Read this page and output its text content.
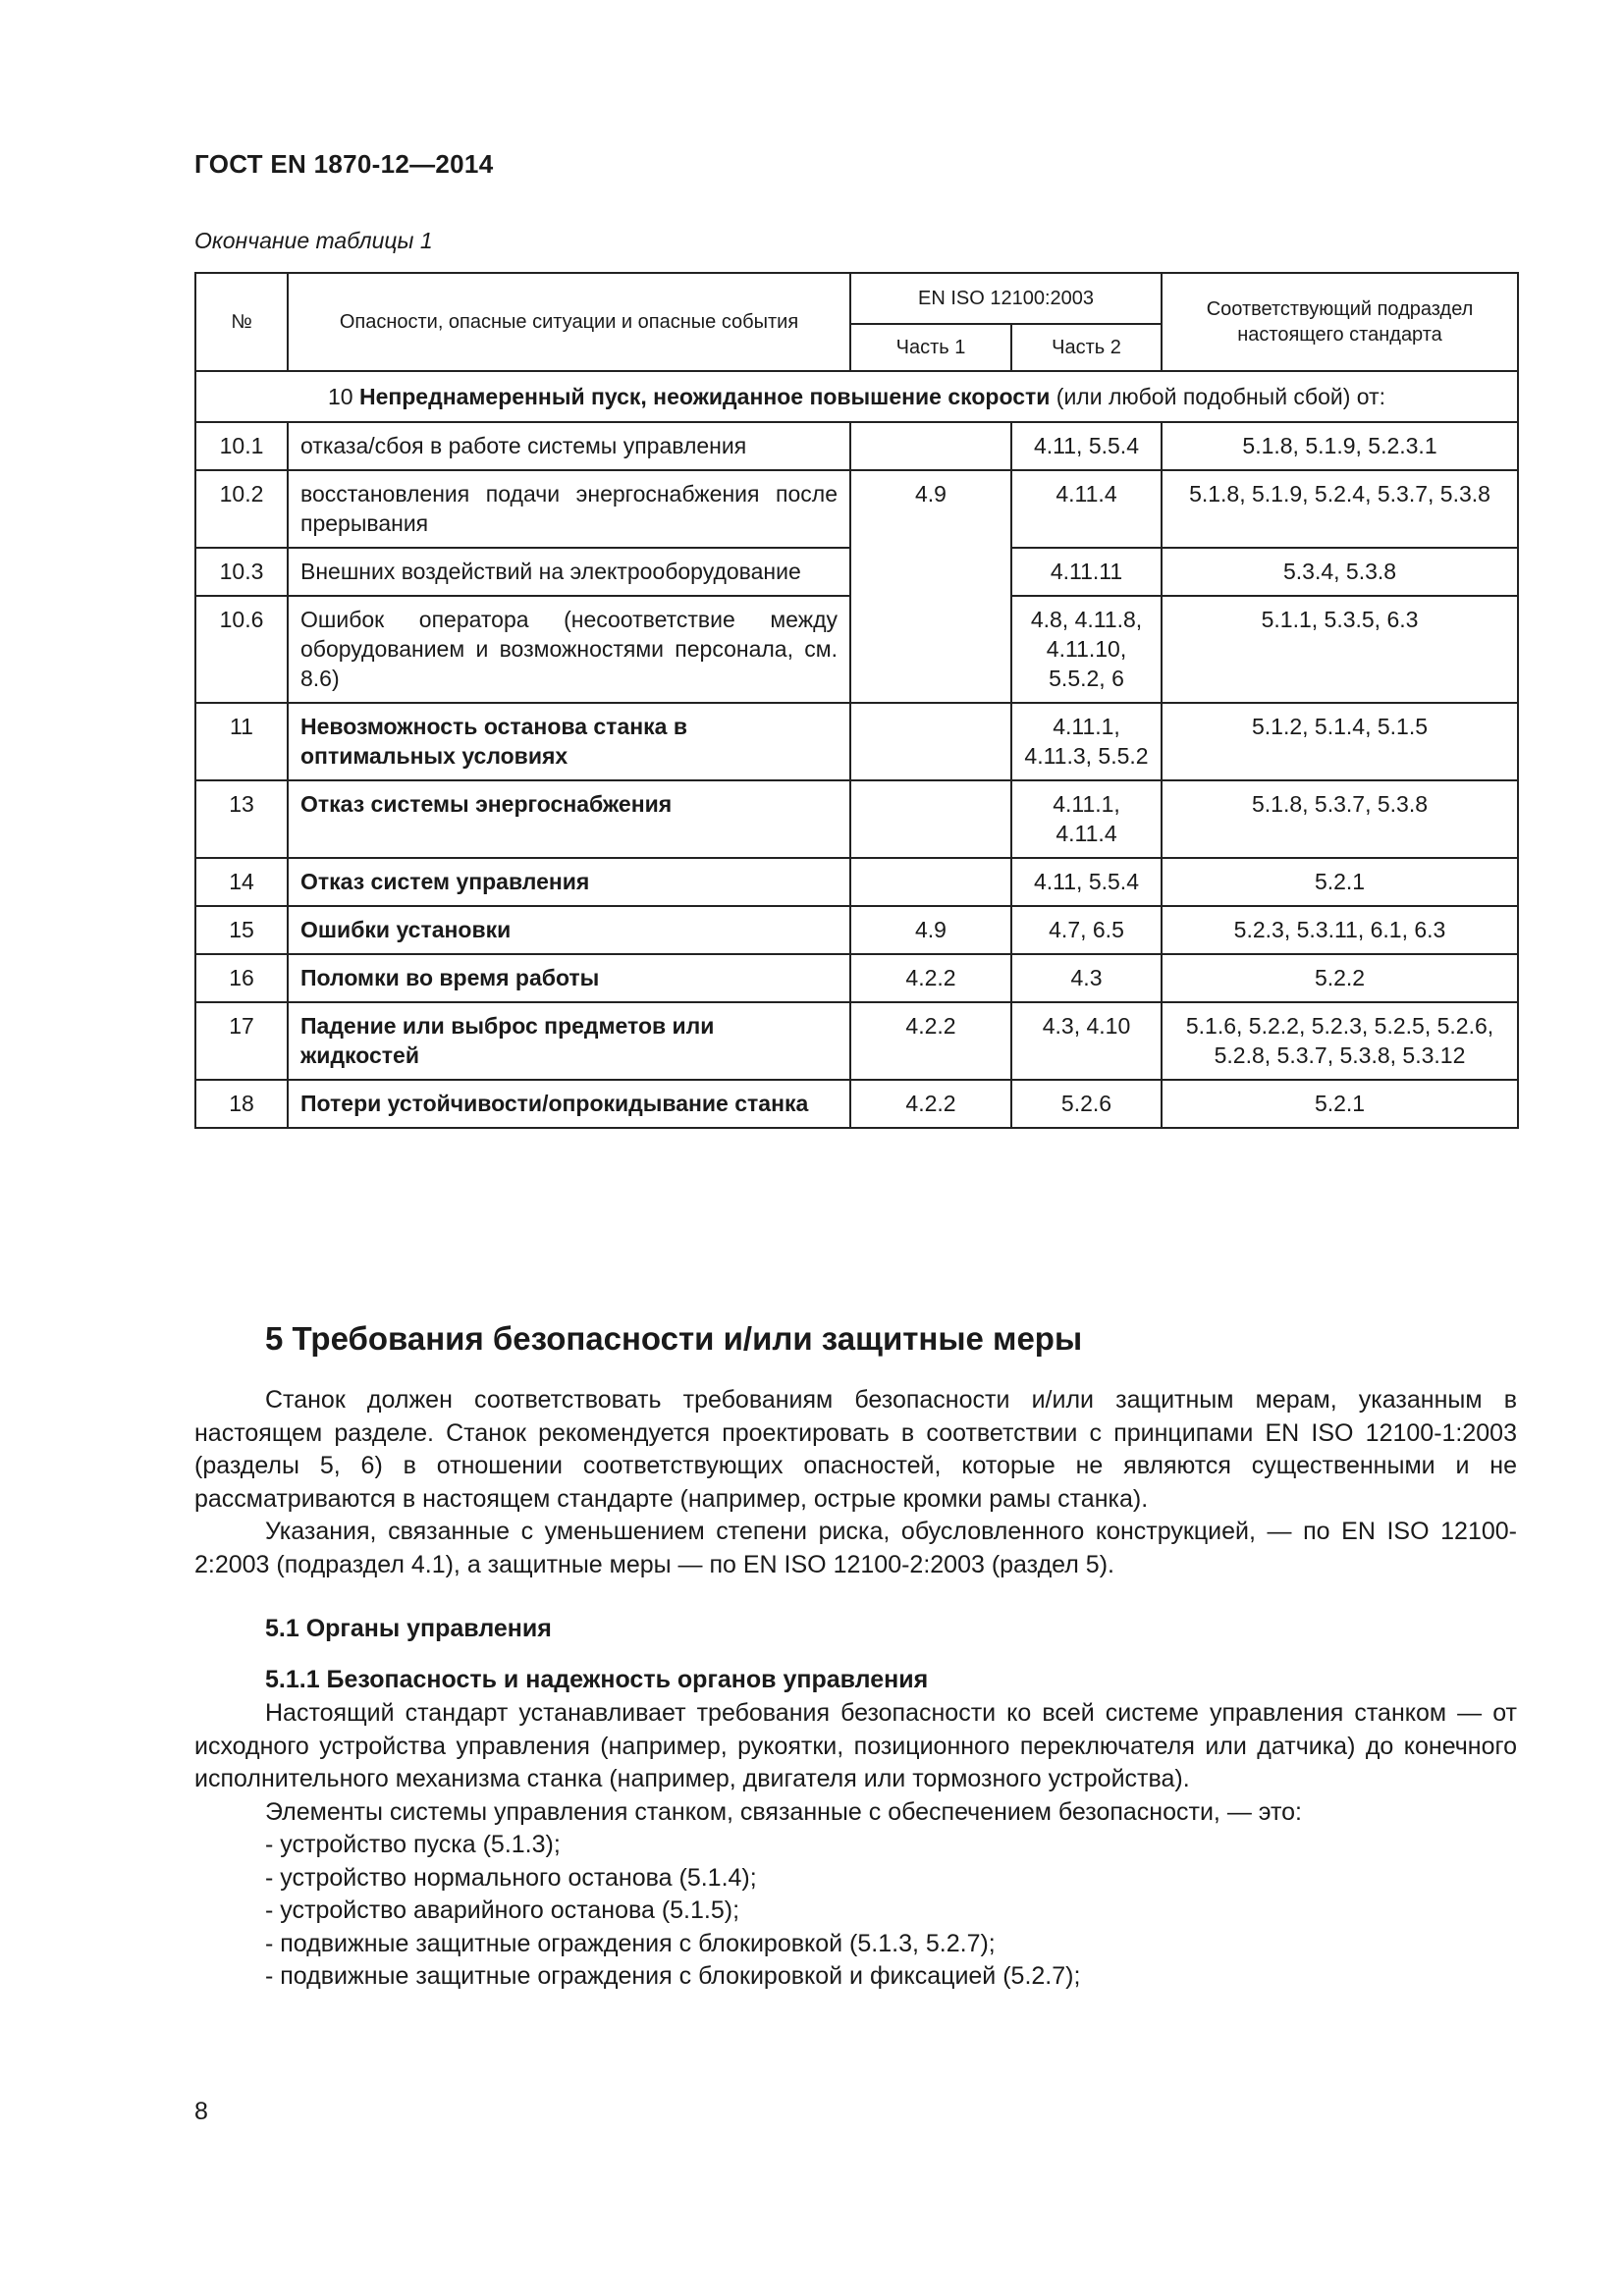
ГОСТ EN 1870-12—2014
Окончание таблицы 1
№	Опасности, опасные ситуации и опасные события	EN ISO 12100:2003		Соответствующий подраздел настоящего стандарта
		Часть 1	Часть 2	
10 Непреднамеренный пуск, неожиданное повышение скорости (или любой подобный сбой) от:				
10.1	отказа/сбоя в работе системы управления		4.11, 5.5.4	5.1.8, 5.1.9, 5.2.3.1
10.2	восстановления подачи энергоснабжения после прерывания	4.9	4.11.4	5.1.8, 5.1.9, 5.2.4, 5.3.7, 5.3.8
10.3	Внешних воздействий на электрооборудование		4.11.11	5.3.4, 5.3.8
10.6	Ошибок оператора (несоответствие между оборудованием и возможностями персонала, см. 8.6)		4.8, 4.11.8, 4.11.10, 5.5.2, 6	5.1.1, 5.3.5, 6.3
11	Невозможность останова станка в оптимальных условиях		4.11.1, 4.11.3, 5.5.2	5.1.2, 5.1.4, 5.1.5
13	Отказ системы энергоснабжения		4.11.1, 4.11.4	5.1.8, 5.3.7, 5.3.8
14	Отказ систем управления		4.11, 5.5.4	5.2.1
15	Ошибки установки	4.9	4.7, 6.5	5.2.3, 5.3.11, 6.1, 6.3
16	Поломки во время работы	4.2.2	4.3	5.2.2
17	Падение или выброс предметов или жидкостей	4.2.2	4.3, 4.10	5.1.6, 5.2.2, 5.2.3, 5.2.5, 5.2.6, 5.2.8, 5.3.7, 5.3.8, 5.3.12
18	Потери устойчивости/опрокидывание станка	4.2.2	5.2.6	5.2.1
5 Требования безопасности и/или защитные меры

Станок должен соответствовать требованиям безопасности и/или защитным мерам, указанным в настоящем разделе. Станок рекомендуется проектировать в соответствии с принципами EN ISO 12100-1:2003 (разделы 5, 6) в отношении соответствующих опасностей, которые не являются существенными и не рассматриваются в настоящем стандарте (например, острые кромки рамы станка).

Указания, связанные с уменьшением степени риска, обусловленного конструкцией, — по EN ISO 12100-2:2003 (подраздел 4.1), а защитные меры — по EN ISO 12100-2:2003 (раздел 5).

5.1 Органы управления
5.1.1 Безопасность и надежность органов управления

Настоящий стандарт устанавливает требования безопасности ко всей системе управления станком — от исходного устройства управления (например, рукоятки, позиционного переключателя или датчика) до конечного исполнительного механизма станка (например, двигателя или тормозного устройства).

Элементы системы управления станком, связанные с обеспечением безопасности, — это:

- устройство пуска (5.1.3);
- устройство нормального останова (5.1.4);
- устройство аварийного останова (5.1.5);
- подвижные защитные ограждения с блокировкой (5.1.3, 5.2.7);
- подвижные защитные ограждения с блокировкой и фиксацией (5.2.7);
8
